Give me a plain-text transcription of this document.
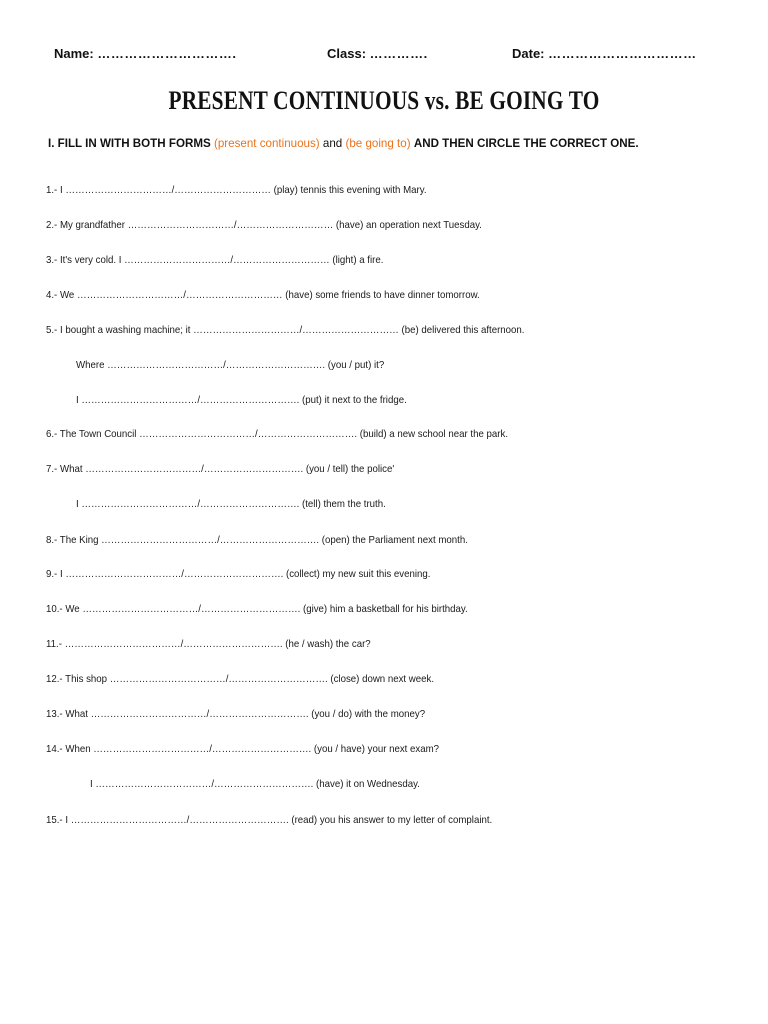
Name: ………………………….	Class: ………….	Date: ……………………………
PRESENT CONTINUOUS vs. BE GOING TO
I. FILL IN WITH BOTH FORMS (present continuous) and (be going to) AND THEN CIRCLE THE CORRECT ONE.
1.- I ……………………………/………………………… (play) tennis this evening with Mary.
2.- My grandfather ……………………………/………………………… (have) an operation next Tuesday.
3.- It's very cold. I ……………………………/………………………… (light) a fire.
4.- We ……………………………/………………………… (have) some friends to have dinner tomorrow.
5.- I bought a washing machine; it ……………………………/………………………… (be) delivered this afternoon.
Where ………………………………/…………………………. (you / put) it?
I ………………………………/…………………………. (put) it next to the fridge.
6.- The Town Council ………………………………/…………………………. (build) a new school near the park.
7.- What ………………………………/…………………………. (you / tell) the police'
I ………………………………/…………………………. (tell) them the truth.
8.- The King ………………………………/…………………………. (open) the Parliament next month.
9.- I ………………………………/…………………………. (collect) my new suit this evening.
10.- We ………………………………/…………………………. (give) him a basketball for his birthday.
11.- ………………………………/…………………………. (he / wash) the car?
12.- This shop ………………………………/…………………………. (close) down next week.
13.- What ………………………………/…………………………. (you / do) with the money?
14.- When ………………………………/…………………………. (you / have) your next exam?
I ………………………………/…………………………. (have) it on Wednesday.
15.- I ………………………………/…………………………. (read) you his answer to my letter of complaint.
